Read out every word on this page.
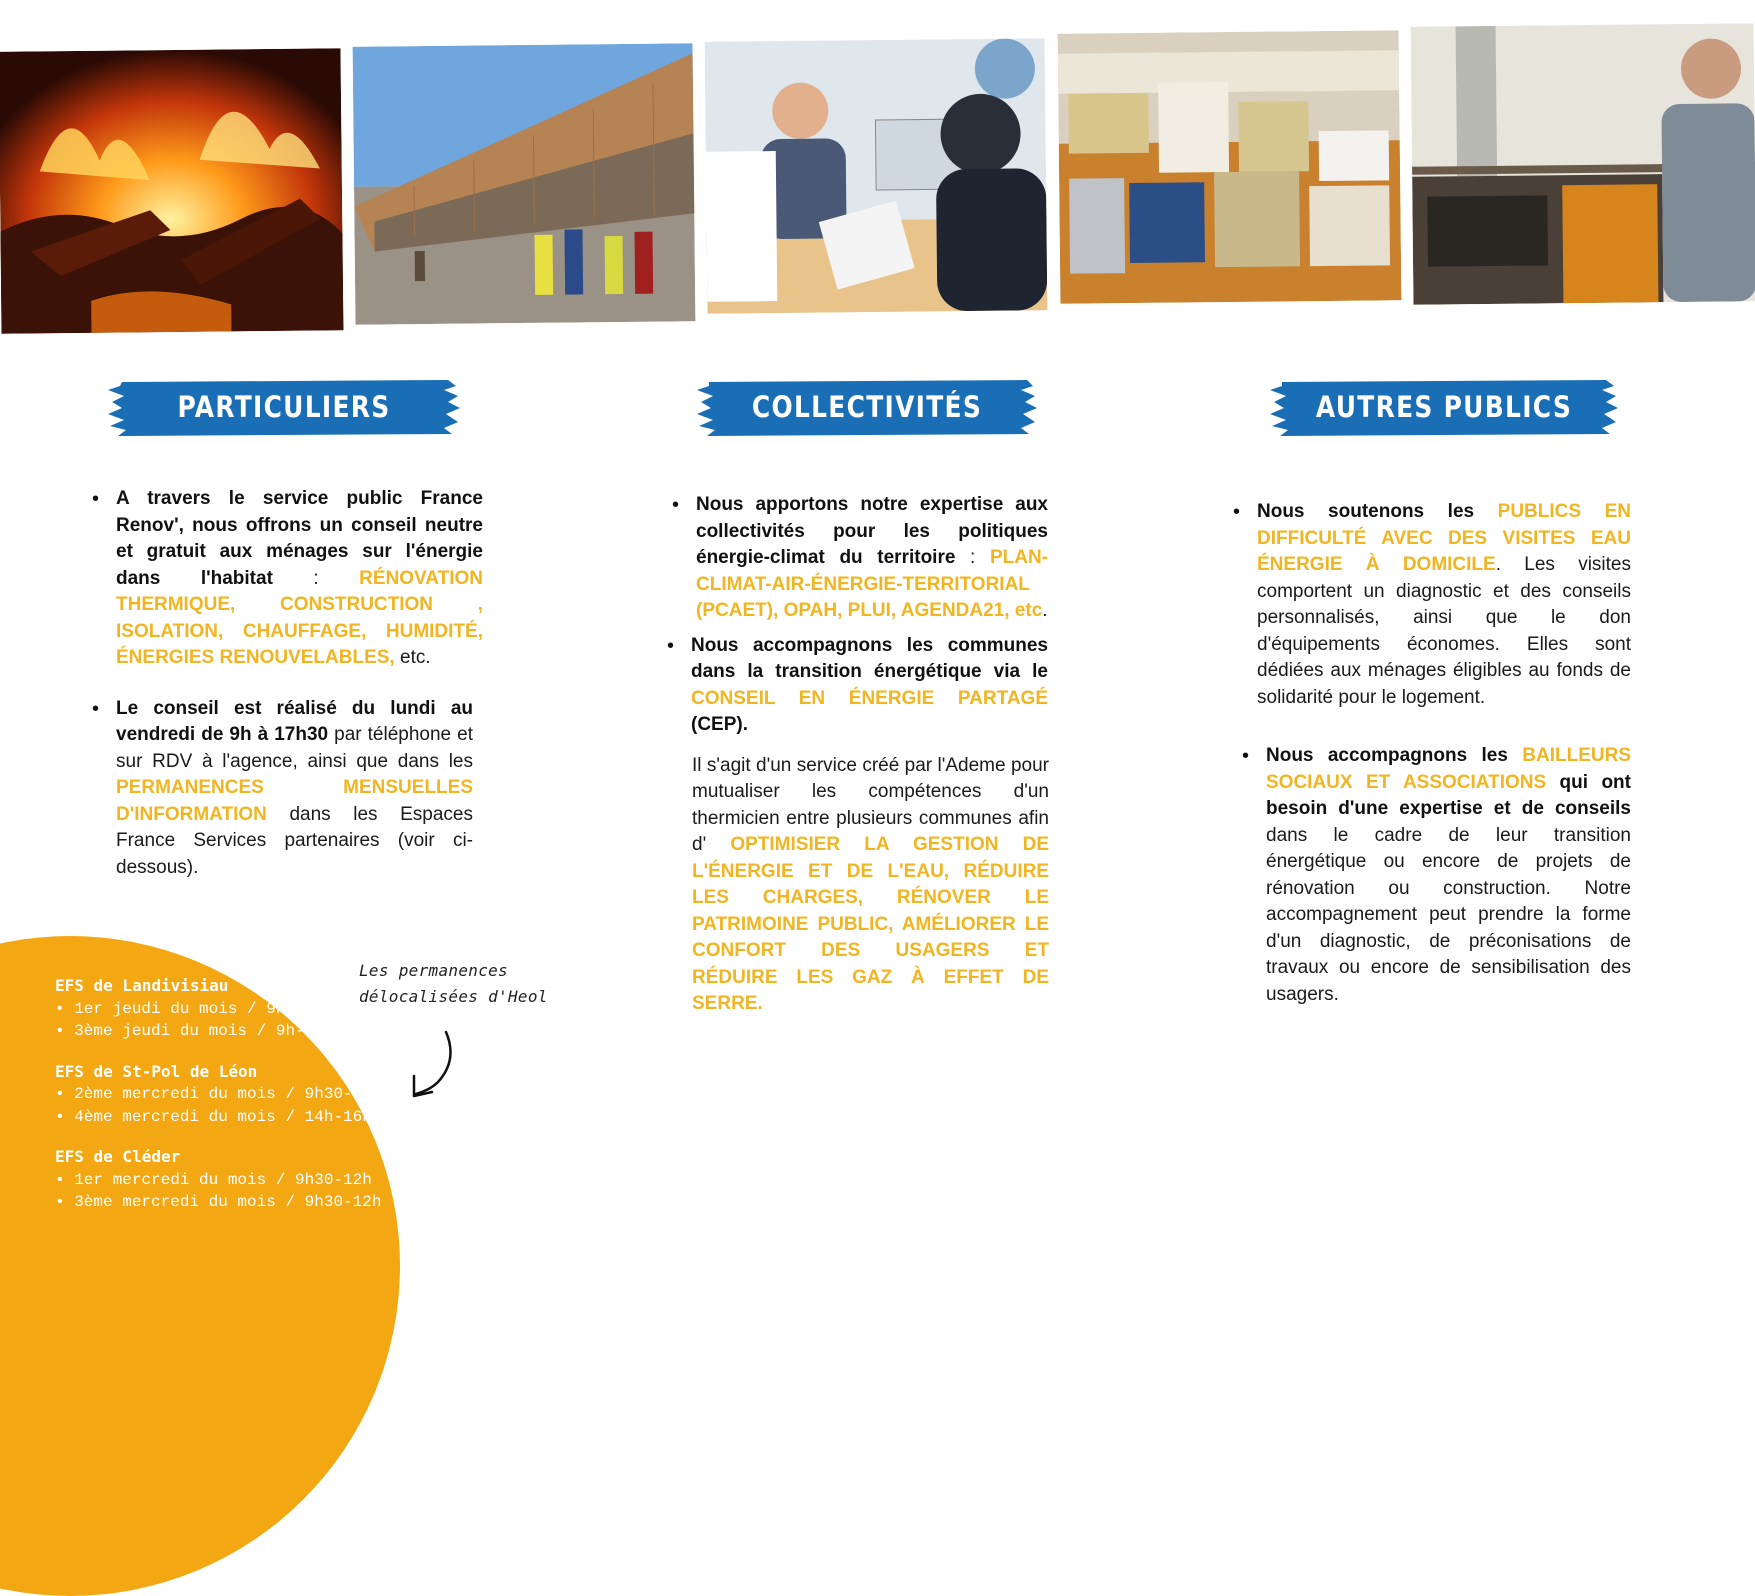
PARTICULIERS	COLLECTIVITÉS	AUTRES PUBLICS
• A travers le service public France Renov', nous offrons un conseil neutre et gratuit aux ménages sur l'énergie dans l'habitat : RÉNOVATION THERMIQUE, CONSTRUCTION , ISOLATION, CHAUFFAGE, HUMIDITÉ, ÉNERGIES RENOUVELABLES, etc.
• Le conseil est réalisé du lundi au vendredi de 9h à 17h30 par téléphone et sur RDV à l'agence, ainsi que dans les PERMANENCES MENSUELLES D'INFORMATION dans les Espaces France Services partenaires (voir ci-dessous).
• Nous apportons notre expertise aux collectivités pour les politiques énergie-climat du territoire : PLAN-CLIMAT-AIR-ÉNERGIE-TERRITORIAL (PCAET), OPAH, PLUI, AGENDA21, etc.
• Nous accompagnons les communes dans la transition énergétique via le CONSEIL EN ÉNERGIE PARTAGÉ (CEP).

Il s'agit d'un service créé par l'Ademe pour mutualiser les compétences d'un thermicien entre plusieurs communes afin d' OPTIMISIER LA GESTION DE L'ÉNERGIE ET DE L'EAU, RÉDUIRE LES CHARGES, RÉNOVER LE PATRIMOINE PUBLIC, AMÉLIORER LE CONFORT DES USAGERS ET RÉDUIRE LES GAZ À EFFET DE SERRE.

• Nous soutenons les PUBLICS EN DIFFICULTÉ AVEC DES VISITES EAU ÉNERGIE À DOMICILE. Les visites comportent un diagnostic et des conseils personnalisés, ainsi que le don d'équipements économes. Elles sont dédiées aux ménages éligibles au fonds de solidarité pour le logement.
• Nous accompagnons les BAILLEURS SOCIAUX ET ASSOCIATIONS qui ont besoin d'une expertise et de conseils dans le cadre de leur transition énergétique ou encore de projets de rénovation ou construction. Notre accompagnement peut prendre la forme d'un diagnostic, de préconisations de travaux ou encore de sensibilisation des usagers.
EFS de Landivisiau
• 1er jeudi du mois / 9h-12h
• 3ème jeudi du mois / 9h-12h
EFS de St-Pol de Léon
• 2ème mercredi du mois / 9h30-12h
• 4ème mercredi du mois / 14h-16h30
EFS de Cléder
• 1er mercredi du mois / 9h30-12h
• 3ème mercredi du mois / 9h30-12h
Les permanences
délocalisées d'Heol
